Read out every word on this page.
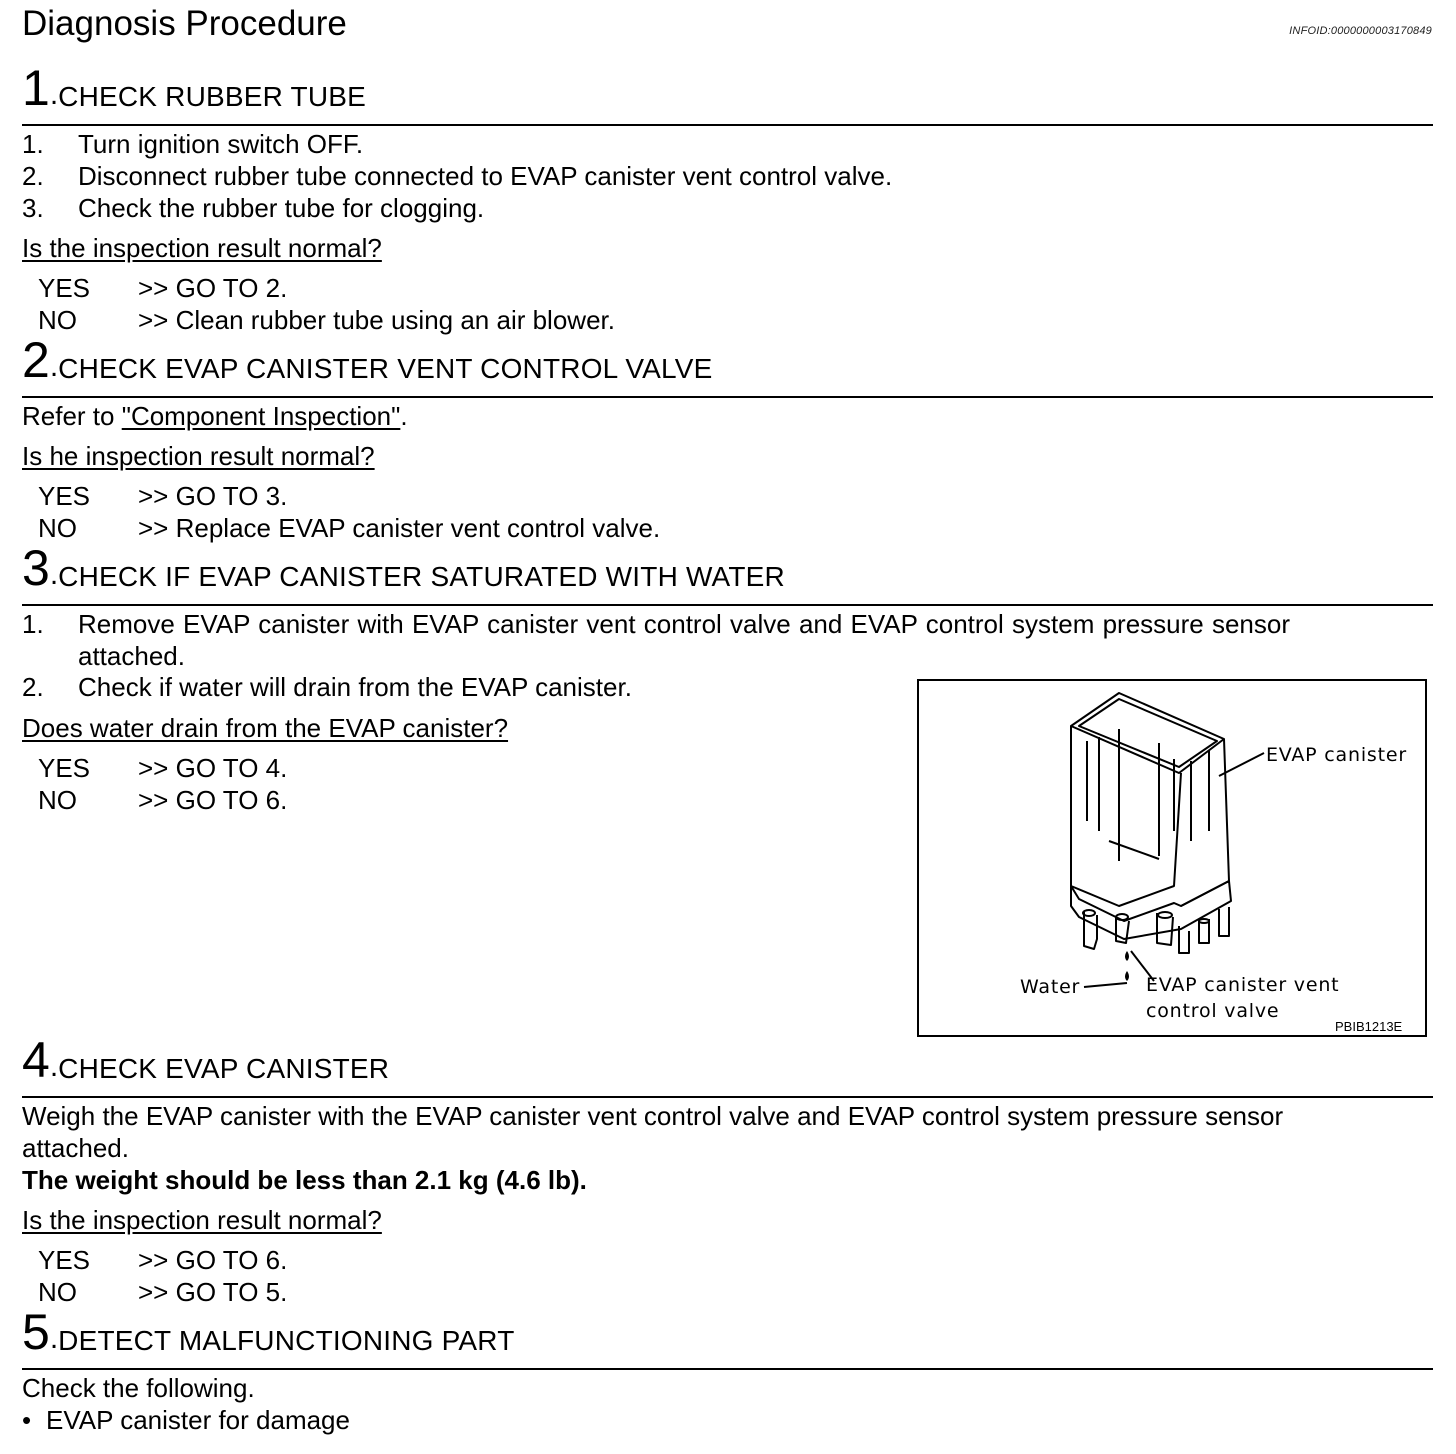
Diagnosis Procedure	INFOID:0000000003170849
1.CHECK RUBBER TUBE
1. Turn ignition switch OFF.
2. Disconnect rubber tube connected to EVAP canister vent control valve.
3. Check the rubber tube for clogging.
Is the inspection result normal?
YES >> GO TO 2.
NO >> Clean rubber tube using an air blower.
2.CHECK EVAP CANISTER VENT CONTROL VALVE
Refer to "Component Inspection".
Is he inspection result normal?
YES >> GO TO 3.
NO >> Replace EVAP canister vent control valve.
3.CHECK IF EVAP CANISTER SATURATED WITH WATER
1. Remove EVAP canister with EVAP canister vent control valve and EVAP control system pressure sensor
attached.
2. Check if water will drain from the EVAP canister.
Does water drain from the EVAP canister?
YES >> GO TO 4.
NO >> GO TO 6.
EVAP canister
Water	EVAP canister vent
control valve
PBIB1213E
4.CHECK EVAP CANISTER
Weigh the EVAP canister with the EVAP canister vent control valve and EVAP control system pressure sensor
attached.
The weight should be less than 2.1 kg (4.6 lb).
Is the inspection result normal?
YES >> GO TO 6.
NO >> GO TO 5.
5.DETECT MALFUNCTIONING PART
Check the following.
• EVAP canister for damage
